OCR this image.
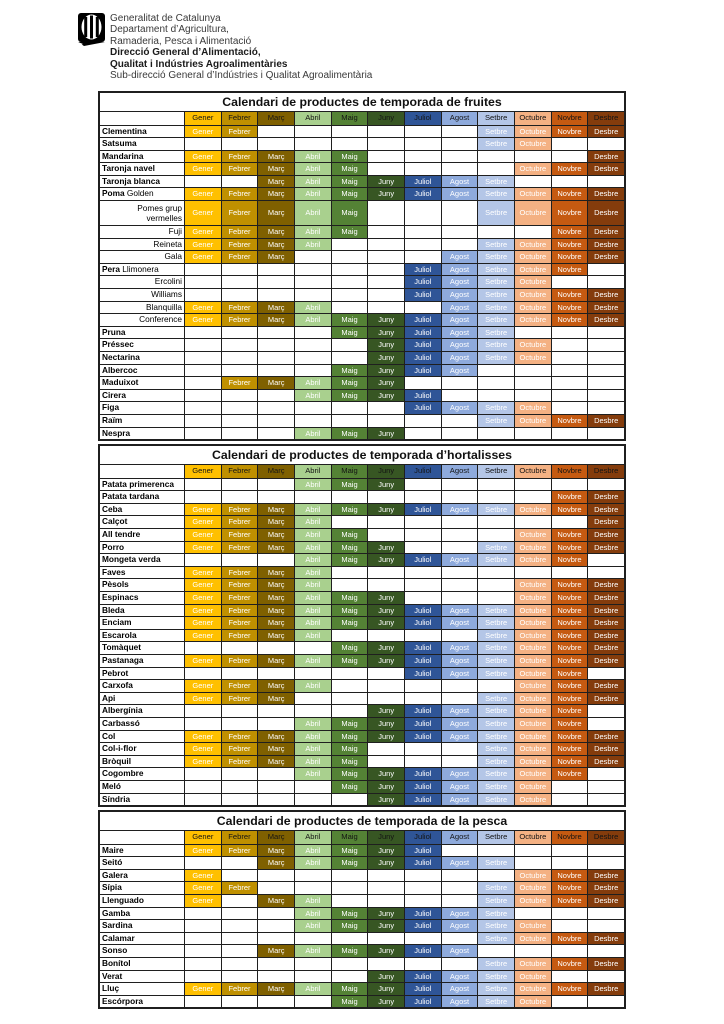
Generalitat de Catalunya
Departament d’Agricultura,
Ramaderia, Pesca i Alimentació
Direcció General d’Alimentació,
Qualitat i Indústries Agroalimentàries
Sub-direcció General d’Indústries i Qualitat Agroalimentària
Calendari de productes de temporada de fruites
Gener	Febrer	Març	Abril	Maig	Juny	Juliol	Agost	Setbre	Octubre	Novbre	Desbre
Clementina	Gener	Febrer	Setbre	Octubre	Novbre	Desbre
Satsuma	Setbre	Octubre
Mandarina	Gener	Febrer	Març	Abril	Maig	Desbre
Taronja navel	Gener	Febrer	Març	Abril	Maig	Octubre	Novbre	Desbre
Taronja blanca	Març	Abril	Maig	Juny	Juliol	Agost	Setbre
Poma Golden	Gener	Febrer	Març	Abril	Maig	Juny	Juliol	Agost	Setbre	Octubre	Novbre	Desbre
Pomes grup vermelles
Gener	Febrer	Març	Abril	Maig	Setbre	Octubre	Novbre	Desbre
Fuji	Gener	Febrer	Març	Abril	Maig	Novbre	Desbre
Reineta	Gener	Febrer	Març	Abril	Setbre	Octubre	Novbre	Desbre
Gala	Gener	Febrer	Març	Agost	Setbre	Octubre	Novbre	Desbre
Pera Llimonera	Juliol	Agost	Setbre	Octubre	Novbre
Ercolini	Juliol	Agost	Setbre	Octubre
Williams	Juliol	Agost	Setbre	Octubre	Novbre	Desbre
Blanquilla	Gener	Febrer	Març	Abril	Agost	Setbre	Octubre	Novbre	Desbre
Conference	Gener	Febrer	Març	Abril	Maig	Juny	Juliol	Agost	Setbre	Octubre	Novbre	Desbre
Pruna	Maig	Juny	Juliol	Agost	Setbre
Préssec	Juny	Juliol	Agost	Setbre	Octubre
Nectarina	Juny	Juliol	Agost	Setbre	Octubre
Albercoc	Maig	Juny	Juliol	Agost
Maduixot	Febrer	Març	Abril	Maig	Juny
Cirera	Abril	Maig	Juny	Juliol
Figa	Juliol	Agost	Setbre	Octubre
Raïm	Setbre	Octubre	Novbre	Desbre
Nespra	Abril	Maig	Juny
Calendari de productes de temporada d’hortalisses
Gener	Febrer	Març	Abril	Maig	Juny	Juliol	Agost	Setbre	Octubre	Novbre	Desbre
Patata primerenca	Abril	Maig	Juny
Patata tardana	Novbre	Desbre
Ceba	Gener	Febrer	Març	Abril	Maig	Juny	Juliol	Agost	Setbre	Octubre	Novbre	Desbre
Calçot	Gener	Febrer	Març	Abril	Desbre
All tendre	Gener	Febrer	Març	Abril	Maig	Octubre	Novbre	Desbre
Porro	Gener	Febrer	Març	Abril	Maig	Juny	Setbre	Octubre	Novbre	Desbre
Mongeta verda	Abril	Maig	Juny	Juliol	Agost	Setbre	Octubre	Novbre
Faves	Gener	Febrer	Març	Abril
Pèsols	Gener	Febrer	Març	Abril	Octubre	Novbre	Desbre
Espinacs	Gener	Febrer	Març	Abril	Maig	Juny	Octubre	Novbre	Desbre
Bleda	Gener	Febrer	Març	Abril	Maig	Juny	Juliol	Agost	Setbre	Octubre	Novbre	Desbre
Enciam	Gener	Febrer	Març	Abril	Maig	Juny	Juliol	Agost	Setbre	Octubre	Novbre	Desbre
Escarola	Gener	Febrer	Març	Abril	Setbre	Octubre	Novbre	Desbre
Tomàquet	Maig	Juny	Juliol	Agost	Setbre	Octubre	Novbre	Desbre
Pastanaga	Gener	Febrer	Març	Abril	Maig	Juny	Juliol	Agost	Setbre	Octubre	Novbre	Desbre
Pebrot	Juliol	Agost	Setbre	Octubre	Novbre
Carxofa	Gener	Febrer	Març	Abril	Octubre	Novbre	Desbre
Api	Gener	Febrer	Març	Setbre	Octubre	Novbre	Desbre
Albergínia	Juny	Juliol	Agost	Setbre	Octubre	Novbre
Carbassó	Abril	Maig	Juny	Juliol	Agost	Setbre	Octubre	Novbre
Col	Gener	Febrer	Març	Abril	Maig	Juny	Juliol	Agost	Setbre	Octubre	Novbre	Desbre
Col-i-flor	Gener	Febrer	Març	Abril	Maig	Setbre	Octubre	Novbre	Desbre
Bròquil	Gener	Febrer	Març	Abril	Maig	Setbre	Octubre	Novbre	Desbre
Cogombre	Abril	Maig	Juny	Juliol	Agost	Setbre	Octubre	Novbre
Meló	Maig	Juny	Juliol	Agost	Setbre	Octubre
Síndria	Juny	Juliol	Agost	Setbre	Octubre
Calendari de productes de temporada de la pesca
Gener	Febrer	Març	Abril	Maig	Juny	Juliol	Agost	Setbre	Octubre	Novbre	Desbre
Maire	Gener	Febrer	Març	Abril	Maig	Juny	Juliol
Seitó	Març	Abril	Maig	Juny	Juliol	Agost	Setbre
Galera	Gener	Octubre	Novbre	Desbre
Sípia	Gener	Febrer	Setbre	Octubre	Novbre	Desbre
Llenguado	Gener	Març	Abril	Setbre	Octubre	Novbre	Desbre
Gamba	Abril	Maig	Juny	Juliol	Agost	Setbre
Sardina	Abril	Maig	Juny	Juliol	Agost	Setbre	Octubre
Calamar	Setbre	Octubre	Novbre	Desbre
Sonso	Març	Abril	Maig	Juny	Juliol	Agost
Bonítol	Setbre	Octubre	Novbre	Desbre
Verat	Juny	Juliol	Agost	Setbre	Octubre
Lluç	Gener	Febrer	Març	Abril	Maig	Juny	Juliol	Agost	Setbre	Octubre	Novbre	Desbre
Escórpora	Maig	Juny	Juliol	Agost	Setbre	Octubre
